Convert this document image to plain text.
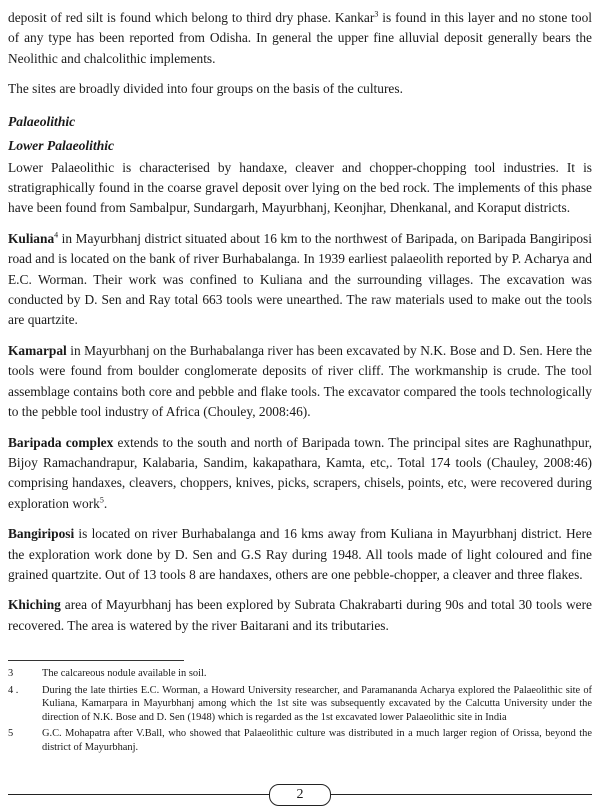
deposit of red silt is found which belong to third dry phase. Kankar$^3$ is found in this layer and no stone tool of any type has been reported from Odisha. In general the upper fine alluvial deposit generally bears the Neolithic and chalcolithic implements.

The sites are broadly divided into four groups on the basis of the cultures.

Palaeolithic
Lower Palaeolithic

Lower Palaeolithic is characterised by handaxe, cleaver and chopper-chopping tool industries. It is stratigraphically found in the coarse gravel deposit over lying on the bed rock. The implements of this phase have been found from Sambalpur, Sundargarh, Mayurbhanj, Keonjhar, Dhenkanal, and Koraput districts.

Kuliana$^4$ in Mayurbhanj district situated about 16 km to the northwest of Baripada, on Baripada Bangiriposi road and is located on the bank of river Burhabalanga. In 1939 earliest palaeolith reported by P. Acharya and E.C. Worman. Their work was confined to Kuliana and the surrounding villages. The excavation was conducted by D. Sen and Ray total 663 tools were unearthed. The raw materials used to make out the tools are quartzite.

Kamarpal in Mayurbhanj on the Burhabalanga river has been excavated by N.K. Bose and D. Sen. Here the tools were found from boulder conglomerate deposits of river cliff. The workmanship is crude. The tool assemblage contains both core and pebble and flake tools. The excavator compared the tools technologically to the pebble tool industry of Africa (Chouley, 2008:46).

Baripada complex extends to the south and north of Baripada town. The principal sites are Raghunathpur, Bijoy Ramachandrapur, Kalabaria, Sandim, kakapathara, Kamta, etc,. Total 174 tools (Chauley, 2008:46) comprising handaxes, cleavers, choppers, knives, picks, scrapers, chisels, points, etc, were recovered during exploration work$^5$.

Bangiriposi is located on river Burhabalanga and 16 kms away from Kuliana in Mayurbhanj district. Here the exploration work done by D. Sen and G.S Ray during 1948. All tools made of light coloured and fine grained quartzite. Out of 13 tools 8 are handaxes, others are one pebble-chopper, a cleaver and three flakes.

Khiching area of Mayurbhanj has been explored by Subrata Chakrabarti during 90s and total 30 tools were recovered. The area is watered by the river Baitarani and its tributaries.

3	The calcareous nodule available in soil.
4 .	During the late thirties E.C. Worman, a Howard University researcher, and Paramananda Acharya explored the Palaeolithic site of Kuliana, Kamarpara in Mayurbhanj among which the 1st site was subsequently excavated by the Calcutta University under the direction of N.K. Bose and D. Sen (1948) which is regarded as the 1st excavated lower Palaeolithic site in India
5	G.C. Mohapatra after V.Ball, who showed that Palaeolithic culture was distributed in a much larger region of Orissa, beyond the district of Mayurbhanj.
2
